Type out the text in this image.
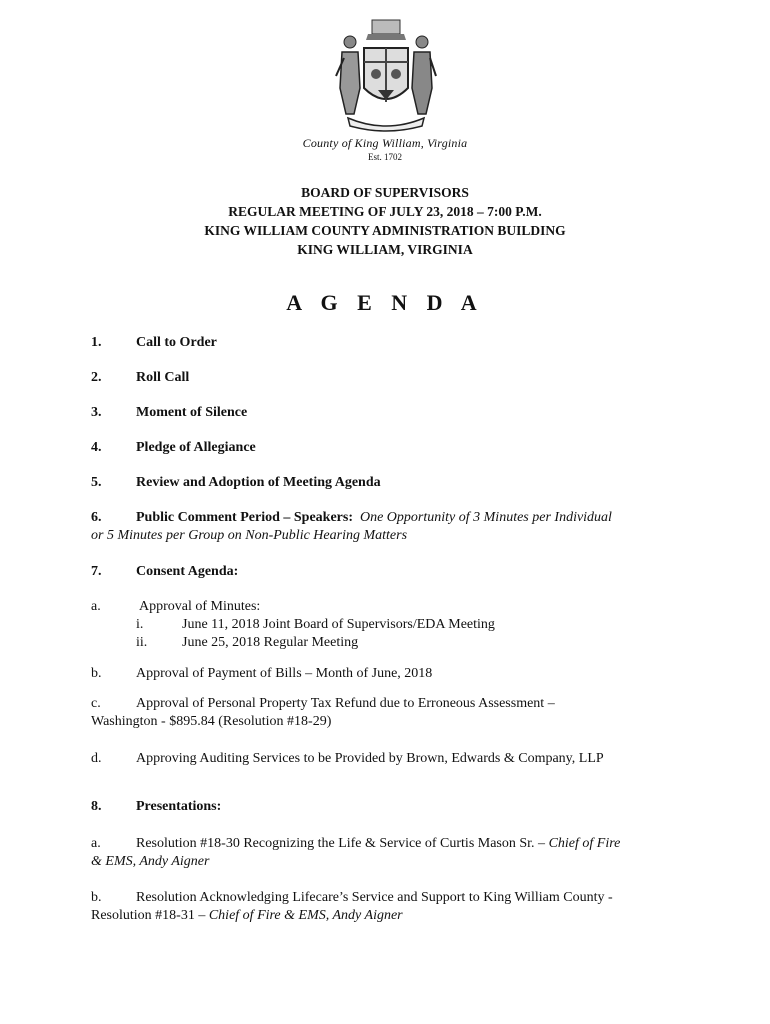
County of King William, Virginia
Est. 1702
BOARD OF SUPERVISORS
REGULAR MEETING OF JULY 23, 2018 – 7:00 P.M.
KING WILLIAM COUNTY ADMINISTRATION BUILDING
KING WILLIAM, VIRGINIA
A G E N D A
1. Call to Order
2. Roll Call
3. Moment of Silence
4. Pledge of Allegiance
5. Review and Adoption of Meeting Agenda
6. Public Comment Period – Speakers: One Opportunity of 3 Minutes per Individual
or 5 Minutes per Group on Non-Public Hearing Matters
7. Consent Agenda:
a.	Approval of Minutes:
i.	June 11, 2018 Joint Board of Supervisors/EDA Meeting
ii. June 25, 2018 Regular Meeting
b. Approval of Payment of Bills – Month of June, 2018
c.	Approval of Personal Property Tax Refund due to Erroneous Assessment –
Washington - $895.84 (Resolution #18-29)
d. Approving Auditing Services to be Provided by Brown, Edwards & Company, LLP
8. Presentations:
a.	Resolution #18-30 Recognizing the Life & Service of Curtis Mason Sr. – Chief of Fire
& EMS, Andy Aigner
b. Resolution Acknowledging Lifecare’s Service and Support to King William County -
Resolution #18-31 – Chief of Fire & EMS, Andy Aigner
